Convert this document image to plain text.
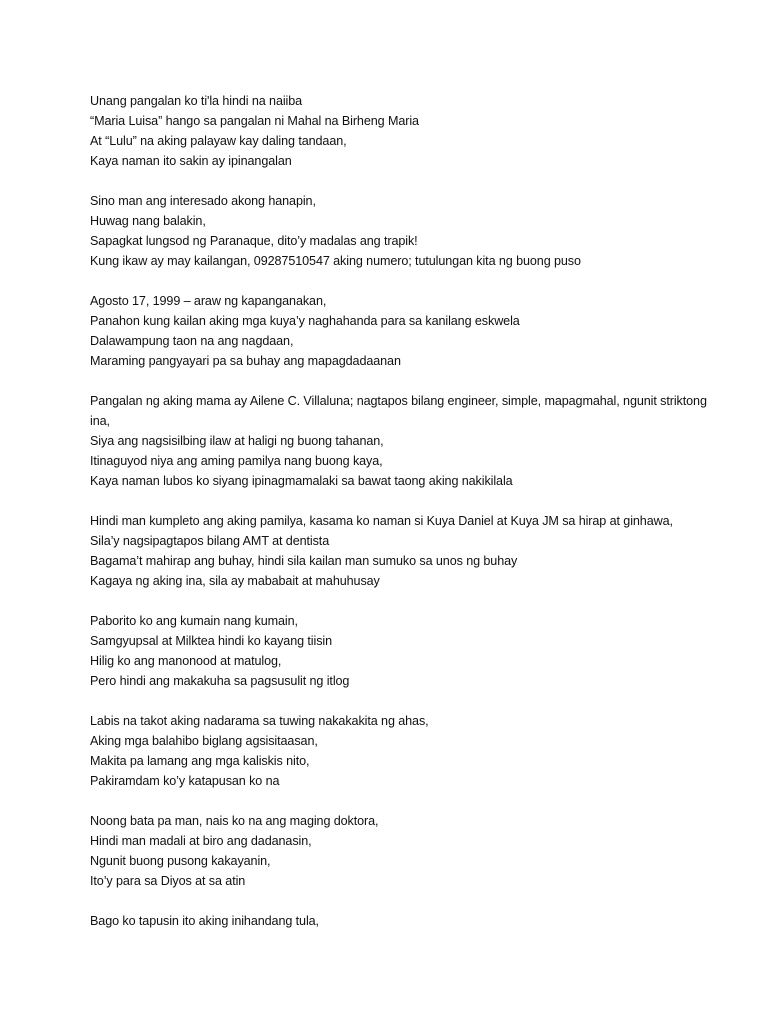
Unang pangalan ko ti'la hindi na naiiba
“Maria Luisa” hango sa pangalan ni Mahal na Birheng Maria
At “Lulu” na aking palayaw kay daling tandaan,
Kaya naman ito sakin ay ipinangalan
Sino man ang interesado akong hanapin,
Huwag nang balakin,
Sapagkat lungsod ng Paranaque, dito’y madalas ang trapik!
Kung ikaw ay may kailangan, 09287510547 aking numero; tutulungan kita ng buong puso
Agosto 17, 1999 – araw ng kapanganakan,
Panahon kung kailan aking mga kuya’y naghahanda para sa kanilang eskwela
Dalawampung taon na ang nagdaan,
Maraming pangyayari pa sa buhay ang mapagdadaanan
Pangalan ng aking mama ay Ailene C. Villaluna; nagtapos bilang engineer, simple, mapagmahal, ngunit striktong ina,
Siya ang nagsisilbing ilaw at haligi ng buong tahanan,
Itinaguyod niya ang aming pamilya nang buong kaya,
Kaya naman lubos ko siyang ipinagmamalaki sa bawat taong aking nakikilala
Hindi man kumpleto ang aking pamilya, kasama ko naman si Kuya Daniel at Kuya JM sa hirap at ginhawa,
Sila’y nagsipagtapos bilang AMT at dentista
Bagama’t mahirap ang buhay, hindi sila kailan man sumuko sa unos ng buhay
Kagaya ng aking ina, sila ay mababait at mahuhusay
Paborito ko ang kumain nang kumain,
Samgyupsal at Milktea hindi ko kayang tiisin
Hilig ko ang manonood at matulog,
Pero hindi ang makakuha sa pagsusulit ng itlog
Labis na takot aking nadarama sa tuwing nakakakita ng ahas,
Aking mga balahibo biglang agsisitaasan,
Makita pa lamang ang mga kaliskis nito,
Pakiramdam ko’y katapusan ko na
Noong bata pa man, nais ko na ang maging doktora,
Hindi man madali at biro ang dadanasin,
Ngunit buong pusong kakayanin,
Ito’y para sa Diyos at sa atin
Bago ko tapusin ito aking inihandang tula,
